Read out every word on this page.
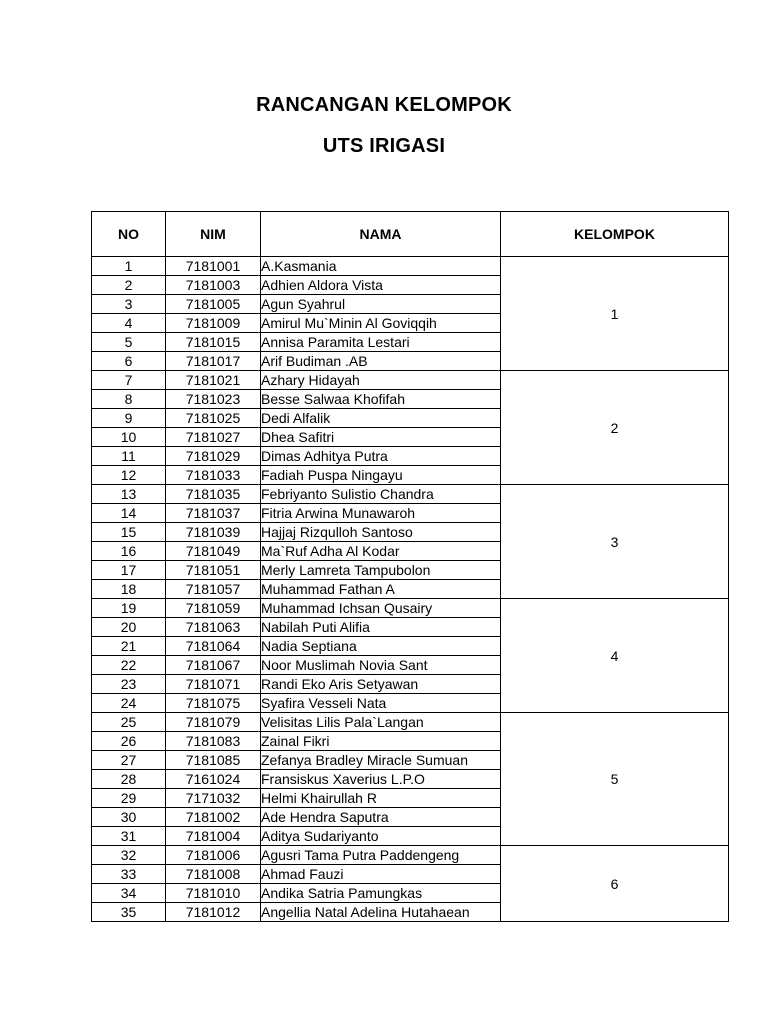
RANCANGAN KELOMPOK
UTS IRIGASI
NO	NIM	NAMA	KELOMPOK
1	7181001	A.Kasmania	1
2	7181003	Adhien Aldora Vista	
3	7181005	Agun Syahrul	
4	7181009	Amirul Mu`Minin Al Goviqqih	
5	7181015	Annisa Paramita Lestari	
6	7181017	Arif Budiman .AB	
7	7181021	Azhary Hidayah	2
8	7181023	Besse Salwaa Khofifah	
9	7181025	Dedi Alfalik	
10	7181027	Dhea Safitri	
11	7181029	Dimas Adhitya Putra	
12	7181033	Fadiah Puspa Ningayu	
13	7181035	Febriyanto Sulistio Chandra	3
14	7181037	Fitria Arwina Munawaroh	
15	7181039	Hajjaj Rizqulloh Santoso	
16	7181049	Ma`Ruf Adha Al Kodar	
17	7181051	Merly Lamreta Tampubolon	
18	7181057	Muhammad Fathan A	
19	7181059	Muhammad Ichsan Qusairy	4
20	7181063	Nabilah Puti Alifia	
21	7181064	Nadia Septiana	
22	7181067	Noor Muslimah Novia Sant	
23	7181071	Randi Eko Aris Setyawan	
24	7181075	Syafira Vesseli Nata	
25	7181079	Velisitas Lilis Pala`Langan	5
26	7181083	Zainal Fikri	
27	7181085	Zefanya Bradley Miracle Sumuan	
28	7161024	Fransiskus Xaverius L.P.O	
29	7171032	Helmi Khairullah R	
30	7181002	Ade Hendra Saputra	
31	7181004	Aditya Sudariyanto	
32	7181006	Agusri Tama Putra Paddengeng	6
33	7181008	Ahmad Fauzi	
34	7181010	Andika Satria Pamungkas	
35	7181012	Angellia Natal Adelina Hutahaean	
